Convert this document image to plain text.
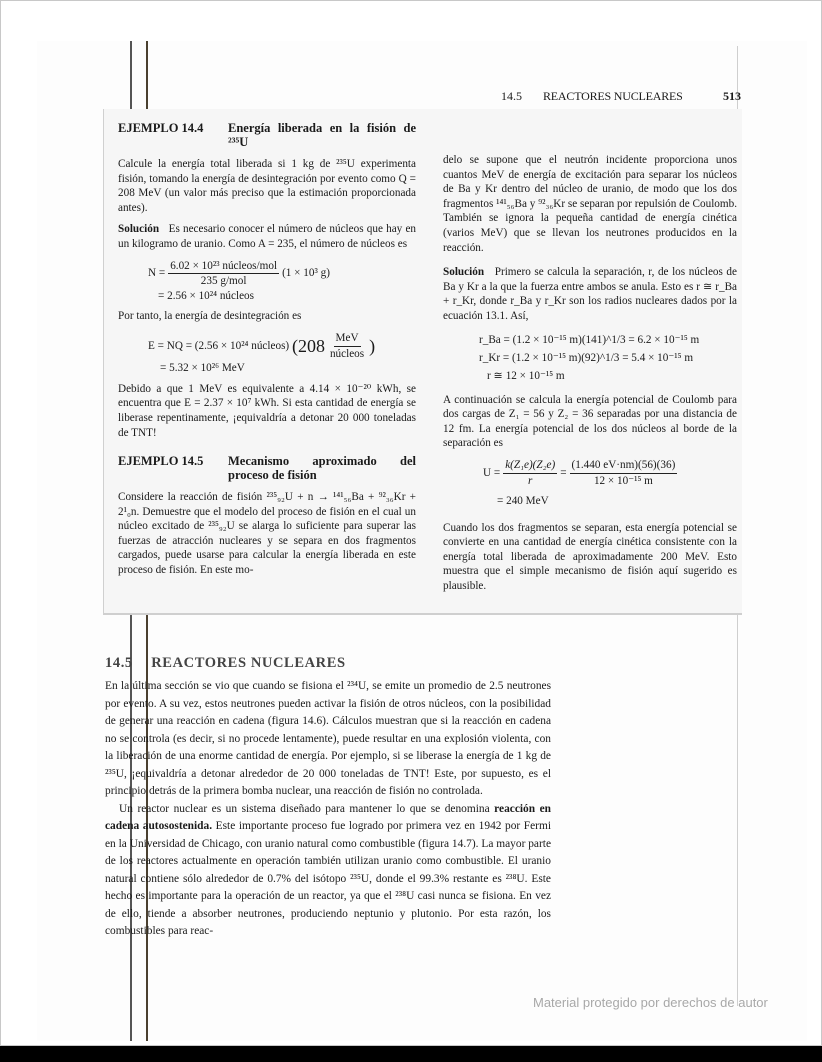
14.5	REACTORES NUCLEARES	513
EJEMPLO 14.4	Energía liberada en la fisión de ²³⁵U

Calcule la energía total liberada si 1 kg de ²³⁵U experimenta fisión, tomando la energía de desintegración por evento como Q = 208 MeV (un valor más preciso que la estimación proporcionada antes).

Solución Es necesario conocer el número de núcleos que hay en un kilogramo de uranio. Como A = 235, el número de núcleos es

$N = \frac{\text{6.02 × 10²³ núcleos/mol}}{\text{235 g/mol}} (1 \times 10^3$ g)
= 2.56 × 10²⁴ núcleos

Por tanto, la energía de desintegración es

E = NQ = (2.56 × 10²⁴ núcleos)
($208 \frac{\text{MeV}}{\text{núcleos}}$ )
= 5.32 × 10²⁶ MeV

Debido a que 1 MeV es equivalente a 4.14 × 10⁻²⁰ kWh, se encuentra que E = 2.37 × 10⁷ kWh. Si esta cantidad de energía se liberase repentinamente, ¡equivaldría a detonar 20 000 toneladas de TNT!

EJEMPLO 14.5	Mecanismo aproximado del proceso de fisión

Considere la reacción de fisión ²³⁵₉₂U + n → ¹⁴¹₅₆Ba + ⁹²₃₆Kr + 2¹₀n. Demuestre que el modelo del proceso de fisión en el cual un núcleo excitado de ²³⁵₉₂U se alarga lo suficiente para superar las fuerzas de atracción nucleares y se separa en dos fragmentos cargados, puede usarse para calcular la energía liberada en este proceso de fisión. En este mo-

delo se supone que el neutrón incidente proporciona unos cuantos MeV de energía de excitación para separar los núcleos de Ba y Kr dentro del núcleo de uranio, de modo que los dos fragmentos ¹⁴¹₅₆Ba y ⁹²₃₆Kr se separan por repulsión de Coulomb. También se ignora la pequeña cantidad de energía cinética (varios MeV) que se llevan los neutrones producidos en la reacción.

Solución Primero se calcula la separación, r, de los núcleos de Ba y Kr a la que la fuerza entre ambos se anula. Esto es r ≅ r_Ba + r_Kr, donde r_Ba y r_Kr son los radios nucleares dados por la ecuación 13.1. Así,

r_Ba = (1.2 × 10⁻¹⁵ m)(141)^1/3 = 6.2 × 10⁻¹⁵ m
r_Kr = (1.2 × 10⁻¹⁵ m)(92)^1/3 = 5.4 × 10⁻¹⁵ m
r ≅ 12 × 10⁻¹⁵ m

A continuación se calcula la energía potencial de Coulomb para dos cargas de Z₁ = 56 y Z₂ = 36 separadas por una distancia de 12 fm. La energía potencial de los dos núcleos al borde de la separación es

$U = \frac{\text{k(Z₁e)(Z₂e)}}{r} = \frac{(1.440 eV\cdot nm)(56)(36)}{\text{12 × 10⁻¹⁵ m}}$
= 240 MeV

Cuando los dos fragmentos se separan, esta energía potencial se convierte en una cantidad de energía cinética consistente con la energía total liberada de aproximadamente 200 MeV. Esto muestra que el simple mecanismo de fisión aquí sugerido es plausible.

14.5 REACTORES NUCLEARES

En la última sección se vio que cuando se fisiona el ²³⁴U, se emite un promedio de 2.5 neutrones por evento. A su vez, estos neutrones pueden activar la fisión de otros núcleos, con la posibilidad de generar una reacción en cadena (figura 14.6). Cálculos muestran que si la reacción en cadena no se controla (es decir, si no procede lentamente), puede resultar en una explosión violenta, con la liberación de una enorme cantidad de energía. Por ejemplo, si se liberase la energía de 1 kg de ²³⁵U, ¡equivaldría a detonar alrededor de 20 000 toneladas de TNT! Este, por supuesto, es el principio detrás de la primera bomba nuclear, una reacción de fisión no controlada.

Un reactor nuclear es un sistema diseñado para mantener lo que se denomina reacción en cadena autosostenida. Este importante proceso fue logrado por primera vez en 1942 por Fermi en la Universidad de Chicago, con uranio natural como combustible (figura 14.7). La mayor parte de los reactores actualmente en operación también utilizan uranio como combustible. El uranio natural contiene sólo alrededor de 0.7% del isótopo ²³⁵U, donde el 99.3% restante es ²³⁸U. Este hecho es importante para la operación de un reactor, ya que el ²³⁸U casi nunca se fisiona. En vez de ello, tiende a absorber neutrones, produciendo neptunio y plutonio. Por esta razón, los combustibles para reac-

Material protegido por derechos de autor
